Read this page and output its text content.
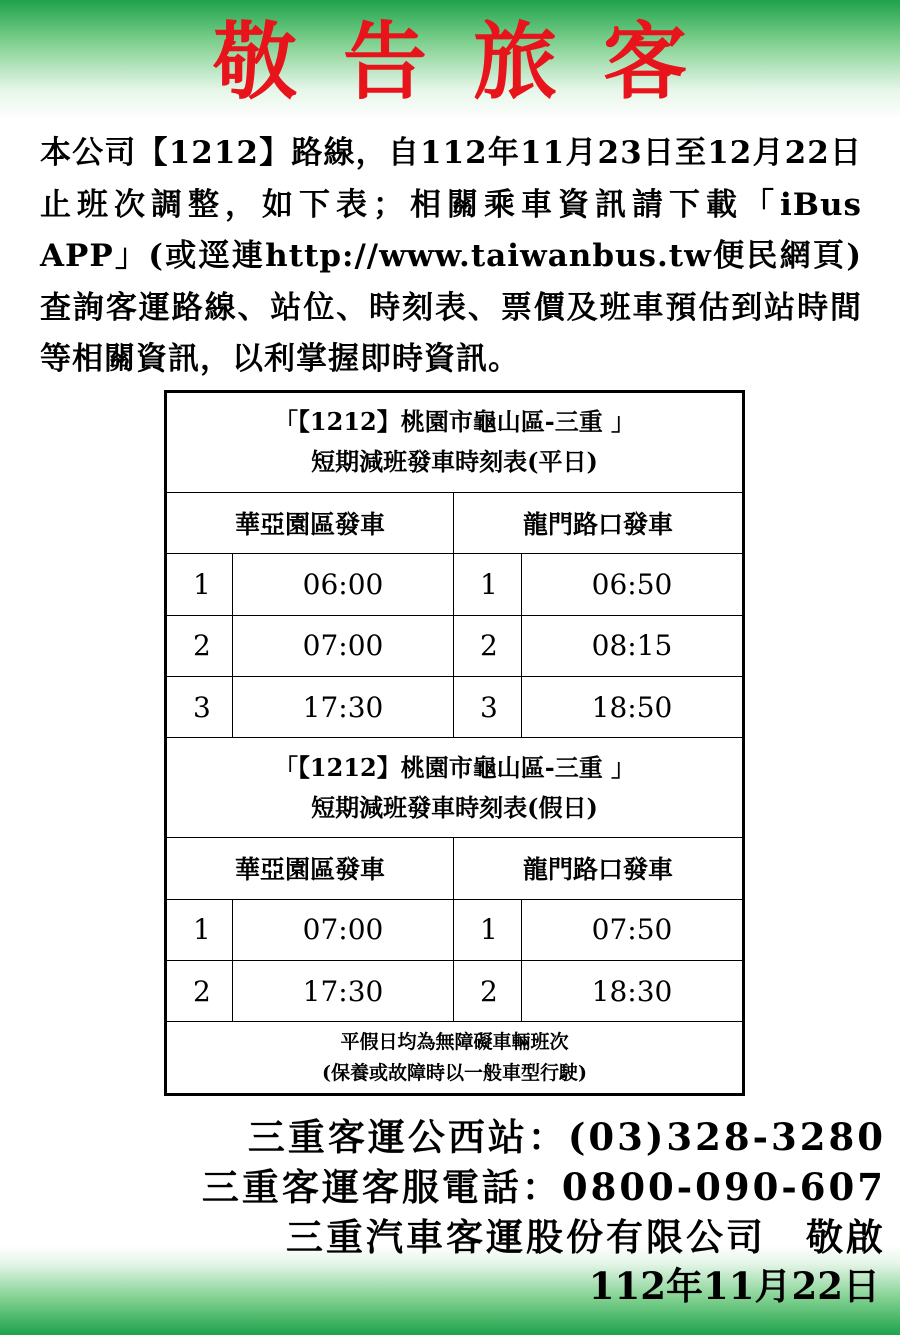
敬告旅客
本公司【1212】路線，自112年11月23日至12月22日止班次調整，如下表；相關乘車資訊請下載「iBus APP」(或逕連http://www.taiwanbus.tw便民網頁)查詢客運路線、站位、時刻表、票價及班車預估到站時間等相關資訊，以利掌握即時資訊。
「【1212】桃園市龜山區-三重 」
短期減班發車時刻表(平日)			

華亞園區發車		龍門路口發車	
1	06:00	1	06:50
2	07:00	2	08:15
3	17:30	3	18:50

「【1212】桃園市龜山區-三重 」
短期減班發車時刻表(假日)			

華亞園區發車		龍門路口發車	
1	07:00	1	07:50
2	17:30	2	18:30

平假日均為無障礙車輛班次
(保養或故障時以一般車型行駛)			
三重客運公西站：(03)328-3280
三重客運客服電話：0800-090-607
三重汽車客運股份有限公司　敬啟
112年11月22日
